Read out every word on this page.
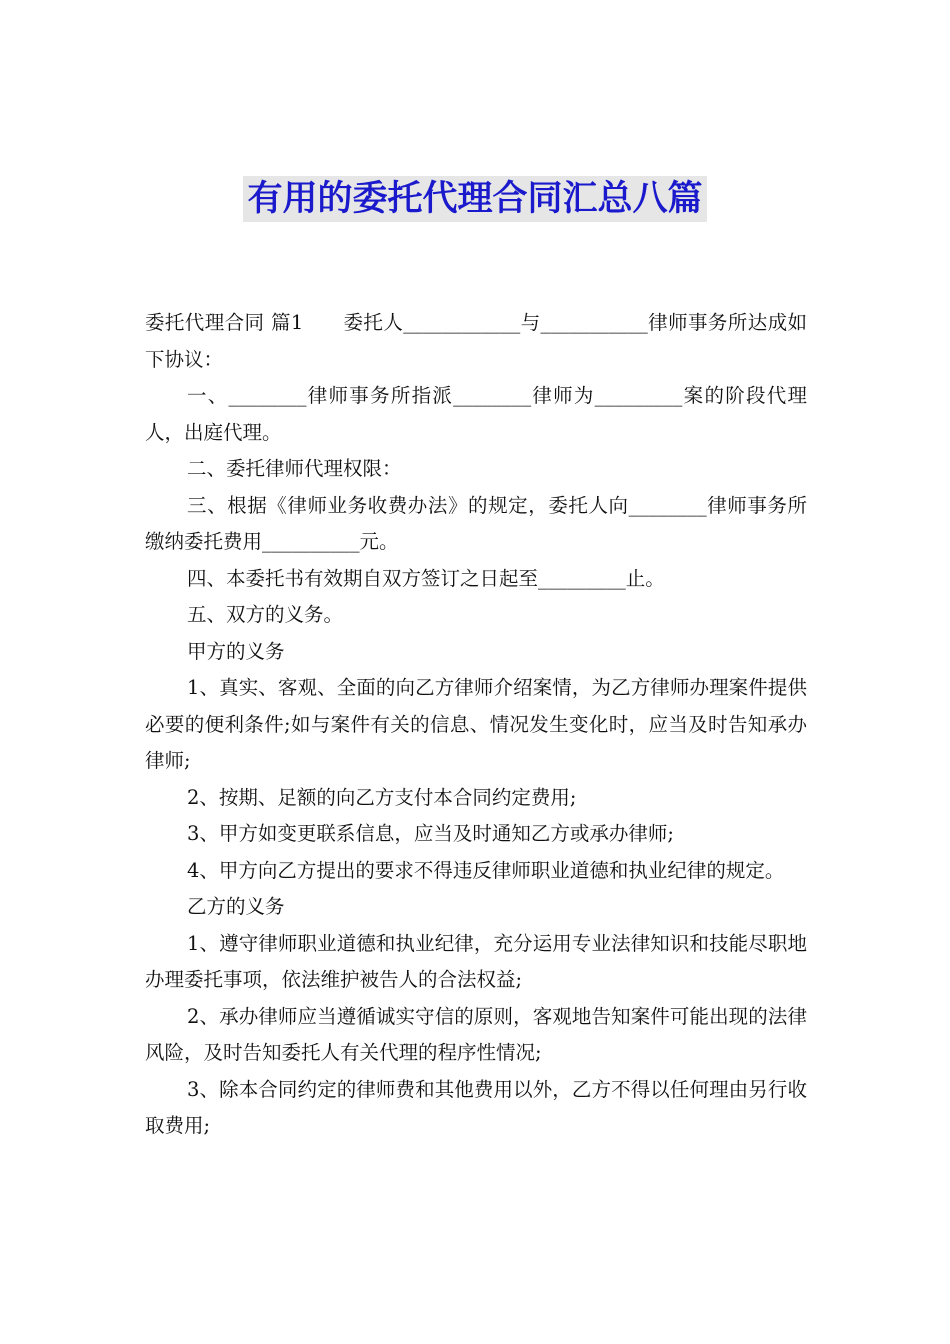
有用的委托代理合同汇总八篇

委托代理合同 篇1　　委托人____________与___________律师事务所达成如下协议：

一、________律师事务所指派________律师为_________案的阶段代理人，出庭代理。

二、委托律师代理权限：

三、根据《律师业务收费办法》的规定，委托人向________律师事务所缴纳委托费用__________元。

四、本委托书有效期自双方签订之日起至_________止。

五、双方的义务。

甲方的义务

1、真实、客观、全面的向乙方律师介绍案情，为乙方律师办理案件提供必要的便利条件;如与案件有关的信息、情况发生变化时，应当及时告知承办律师;

2、按期、足额的向乙方支付本合同约定费用;

3、甲方如变更联系信息，应当及时通知乙方或承办律师;

4、甲方向乙方提出的要求不得违反律师职业道德和执业纪律的规定。

乙方的义务

1、遵守律师职业道德和执业纪律，充分运用专业法律知识和技能尽职地办理委托事项，依法维护被告人的合法权益;

2、承办律师应当遵循诚实守信的原则，客观地告知案件可能出现的法律风险，及时告知委托人有关代理的程序性情况;

3、除本合同约定的律师费和其他费用以外，乙方不得以任何理由另行收取费用;
